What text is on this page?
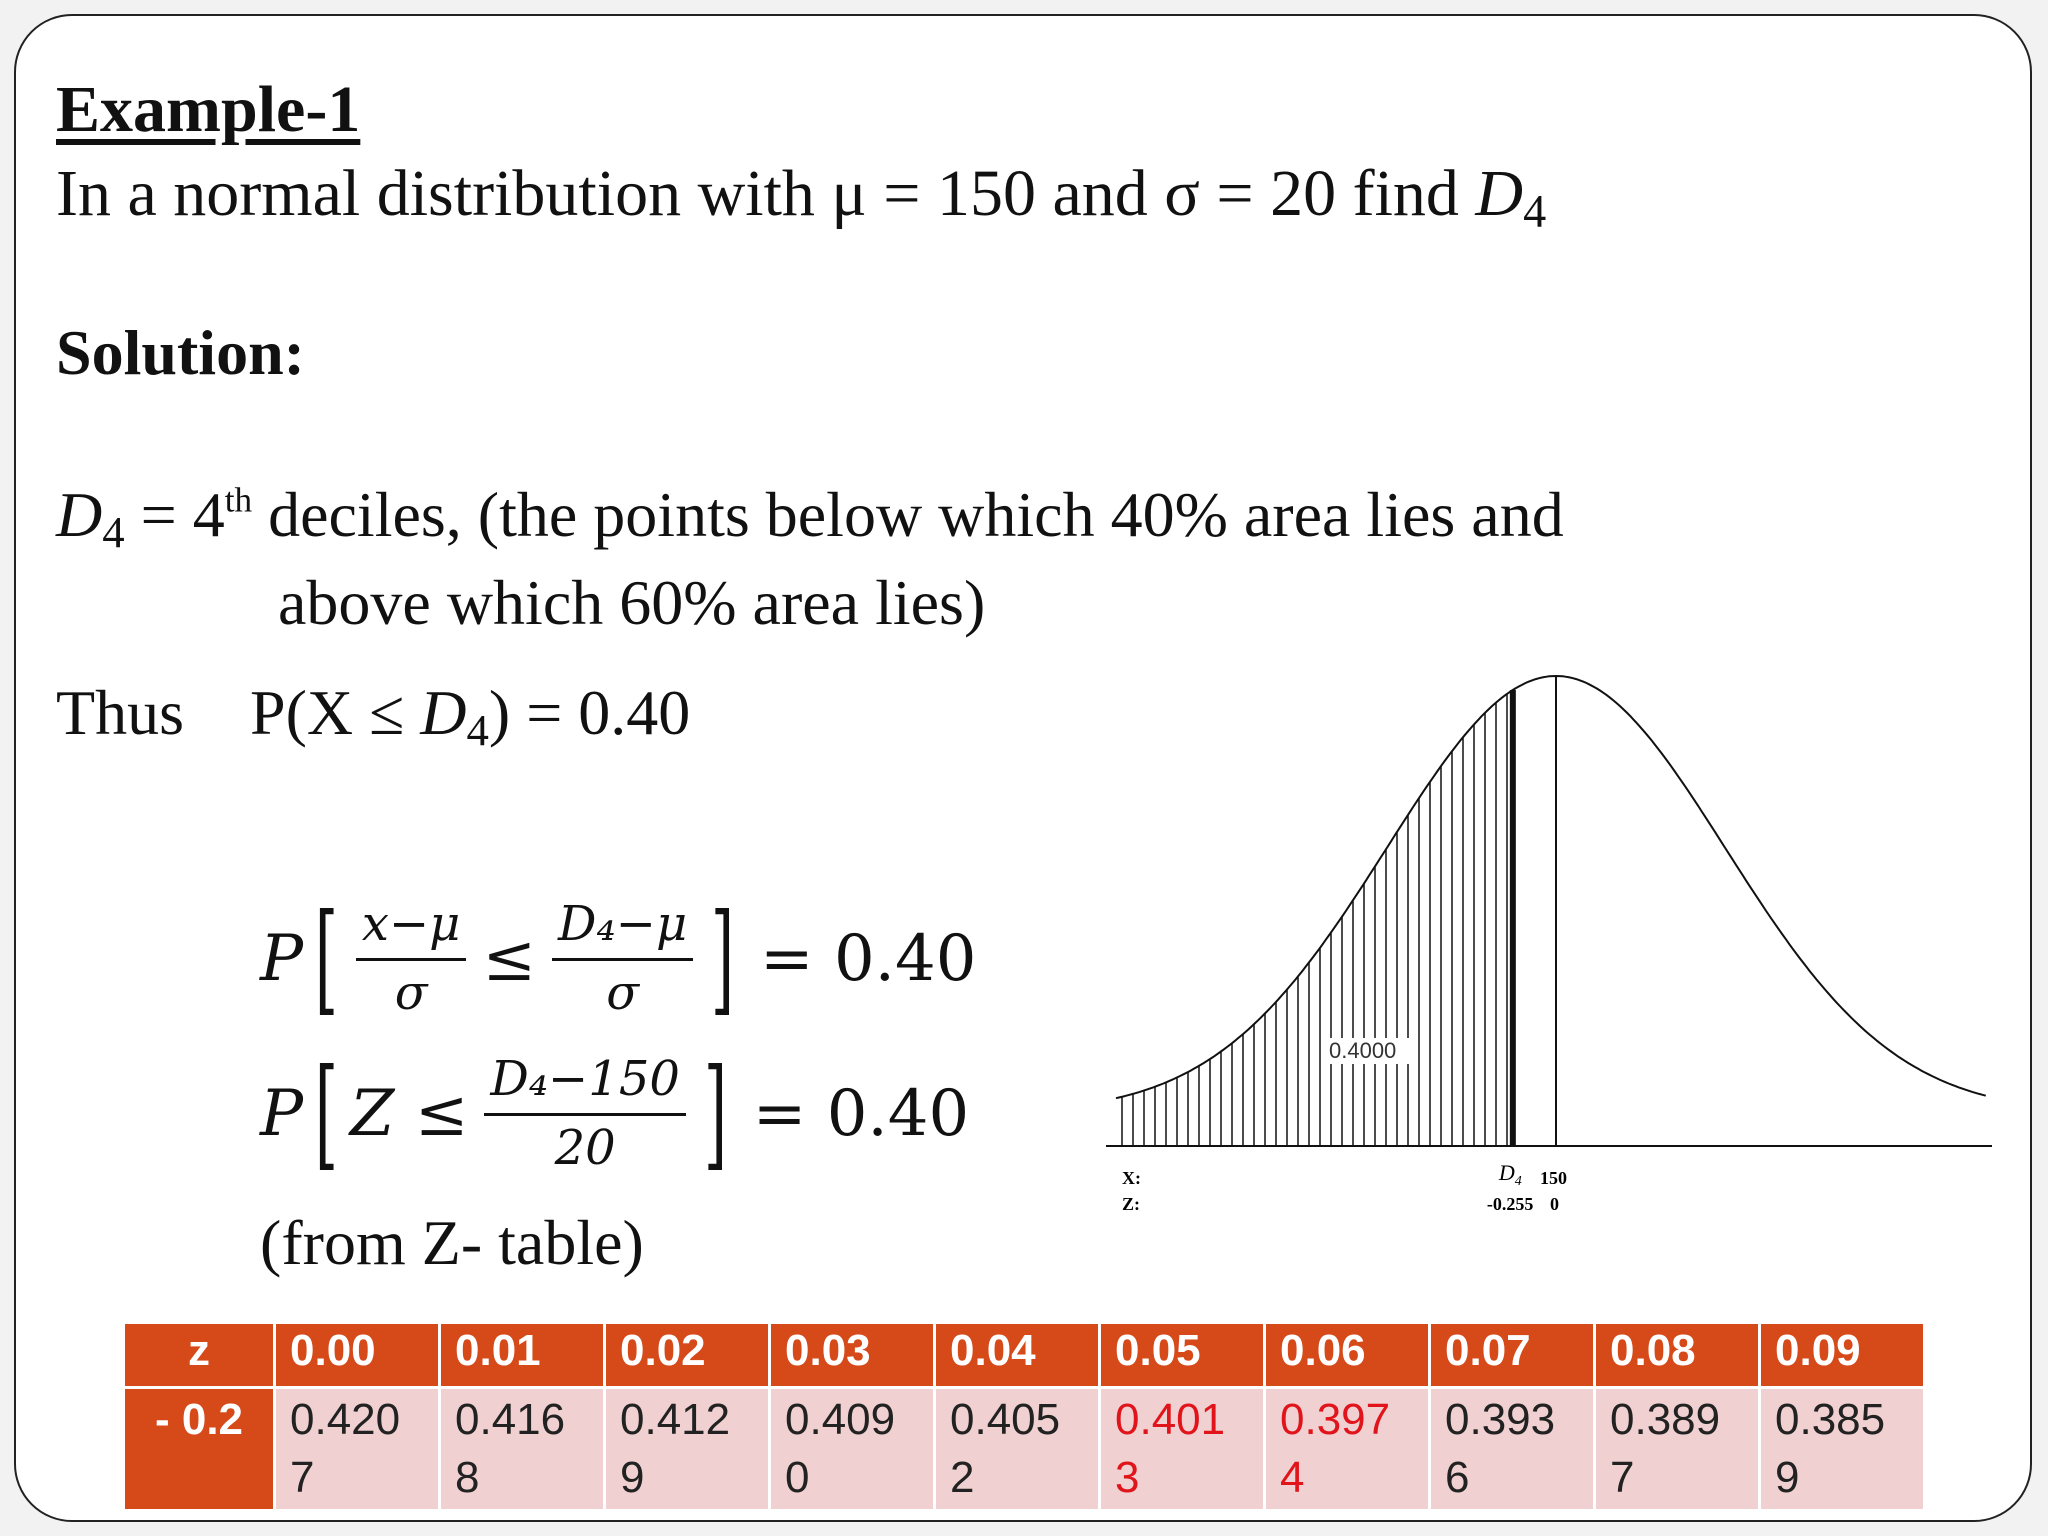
Example-1
In a normal distribution with μ = 150 and σ = 20 find $D_4$
Solution:
$D_4 = 4th$ deciles, (the points below which 40% area lies and
above which 60% area lies)
Thus $P(X \le D_4) = 0.40$
P [ $\frac{x-\mu}{\sigma} \le \frac{\text{D₄−μ}}{\sigma}$ ] = 0.40
P [ $Z \le \frac{\text{D₄−150}}{20}$ ] = 0.40
(from Z- table)
0.4000
X:
Z:
$D_4$ 150
-0.255 0
z	0.00	0.01	0.02	0.03	0.04	0.05	0.06	0.07	0.08	0.09
- 0.2	0.4207	0.4168	0.4129	0.4090	0.4052	0.4013	0.3974	0.3936	0.3897	0.3859
